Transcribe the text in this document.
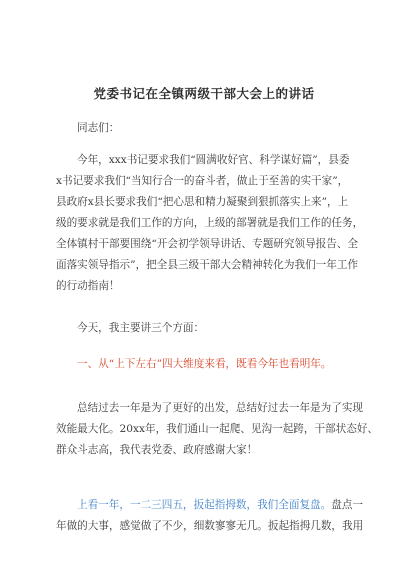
党委书记在全镇两级干部大会上的讲话
同志们：
今年，xxx书记要求我们“圆满收好官、科学谋好篇”，县委
x书记要求我们“当知行合一的奋斗者，做止于至善的实干家”，
县政府x县长要求我们“把心思和精力凝聚到狠抓落实上来”，上
级的要求就是我们工作的方向，上级的部署就是我们工作的任务，
全体镇村干部要围绕“开会初学领导讲话、专题研究领导报告、全
面落实领导指示”，把全县三级干部大会精神转化为我们一年工作
的行动指南！
今天，我主要讲三个方面：
一、从“上下左右”四大维度来看，既看今年也看明年。
总结过去一年是为了更好的出发，总结好过去一年是为了实现
效能最大化。20xx年，我们通山一起爬、见沟一起跨，干部状态好、
群众斗志高，我代表党委、政府感谢大家！
上看一年，一二三四五，扳起指拇数，我们全面复盘。盘点一
年做的大事，感觉做了不少，细数寥寥无几。扳起指拇几数，我用
